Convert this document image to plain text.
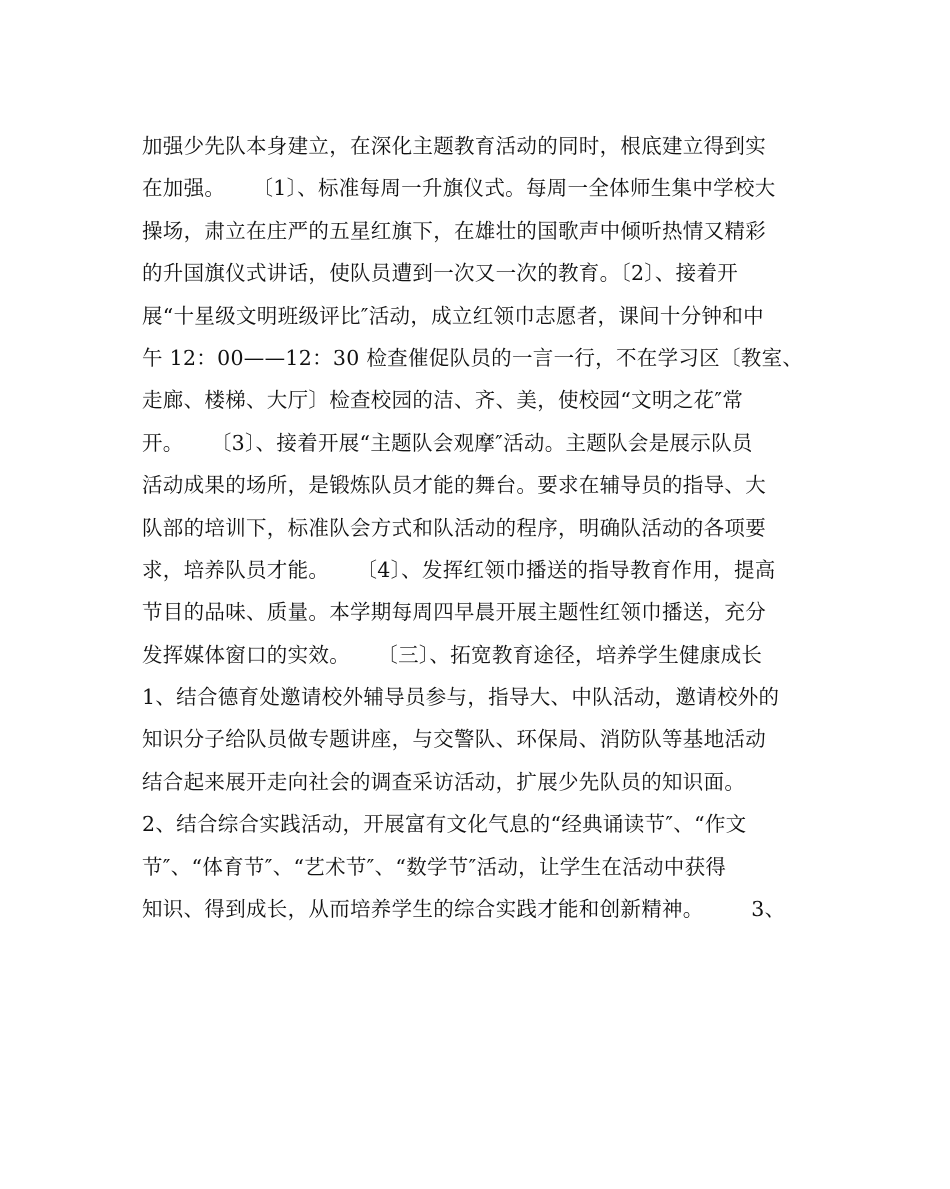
加强少先队本身建立，在深化主题教育活动的同时，根底建立得到实
在加强。    〔1〕、标准每周一升旗仪式。每周一全体师生集中学校大
操场，肃立在庄严的五星红旗下，在雄壮的国歌声中倾听热情又精彩
的升国旗仪式讲话，使队员遭到一次又一次的教育。〔2〕、接着开
展“十星级文明班级评比″活动，成立红领巾志愿者，课间十分钟和中
午 12：00——12：30 检查催促队员的一言一行，不在学习区〔教室、
走廊、楼梯、大厅〕检查校园的洁、齐、美，使校园“文明之花″常
开。    〔3〕、接着开展“主题队会观摩″活动。主题队会是展示队员
活动成果的场所，是锻炼队员才能的舞台。要求在辅导员的指导、大
队部的培训下，标准队会方式和队活动的程序，明确队活动的各项要
求，培养队员才能。    〔4〕、发挥红领巾播送的指导教育作用，提高
节目的品味、质量。本学期每周四早晨开展主题性红领巾播送，充分
发挥媒体窗口的实效。    〔三〕、拓宽教育途径，培养学生健康成长
1、结合德育处邀请校外辅导员参与，指导大、中队活动，邀请校外的
知识分子给队员做专题讲座，与交警队、环保局、消防队等基地活动
结合起来展开走向社会的调查采访活动，扩展少先队员的知识面。
2、结合综合实践活动，开展富有文化气息的“经典诵读节″、“作文
节″、“体育节″、“艺术节″、“数学节″活动，让学生在活动中获得
知识、得到成长，从而培养学生的综合实践才能和创新精神。       3、
